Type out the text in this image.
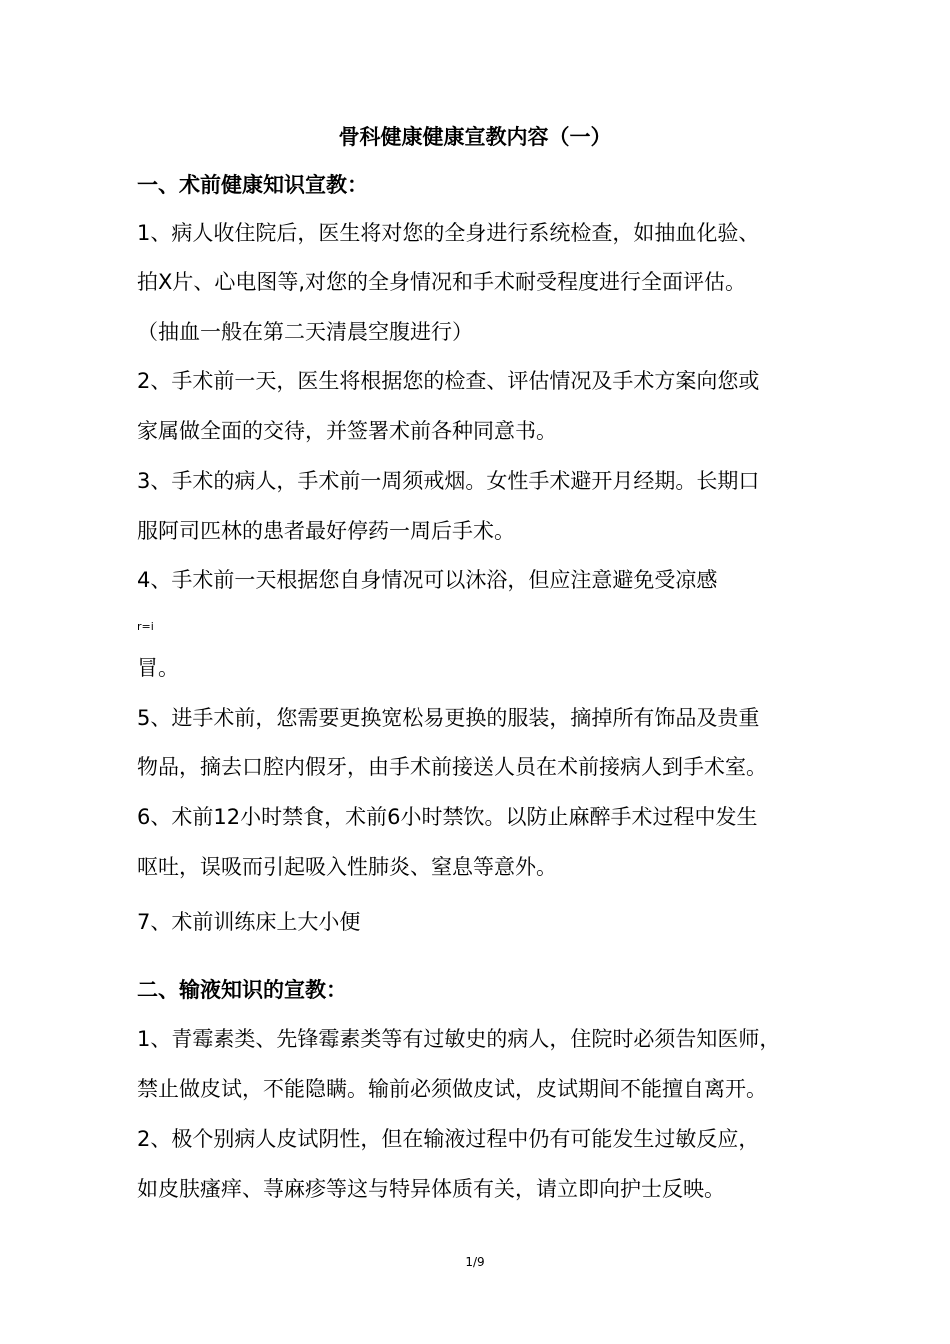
骨科健康健康宣教内容（一）
一、术前健康知识宣教：
1、病人收住院后，医生将对您的全身进行系统检查，如抽血化验、
拍X片、心电图等,对您的全身情况和手术耐受程度进行全面评估。
（抽血一般在第二天清晨空腹进行）
2、手术前一天，医生将根据您的检查、评估情况及手术方案向您或
家属做全面的交待，并签署术前各种同意书。
3、手术的病人，手术前一周须戒烟。女性手术避开月经期。长期口
服阿司匹林的患者最好停药一周后手术。
4、手术前一天根据您自身情况可以沐浴，但应注意避免受凉感
r=i
冒。
5、进手术前，您需要更换宽松易更换的服装，摘掉所有饰品及贵重
物品，摘去口腔内假牙，由手术前接送人员在术前接病人到手术室。
6、术前12小时禁食，术前6小时禁饮。以防止麻醉手术过程中发生
呕吐，误吸而引起吸入性肺炎、窒息等意外。
7、术前训练床上大小便
二、输液知识的宣教：
1、青霉素类、先锋霉素类等有过敏史的病人，住院时必须告知医师，
禁止做皮试，不能隐瞒。输前必须做皮试，皮试期间不能擅自离开。
2、极个别病人皮试阴性，但在输液过程中仍有可能发生过敏反应，
如皮肤瘙痒、荨麻疹等这与特异体质有关，请立即向护士反映。
1/9
